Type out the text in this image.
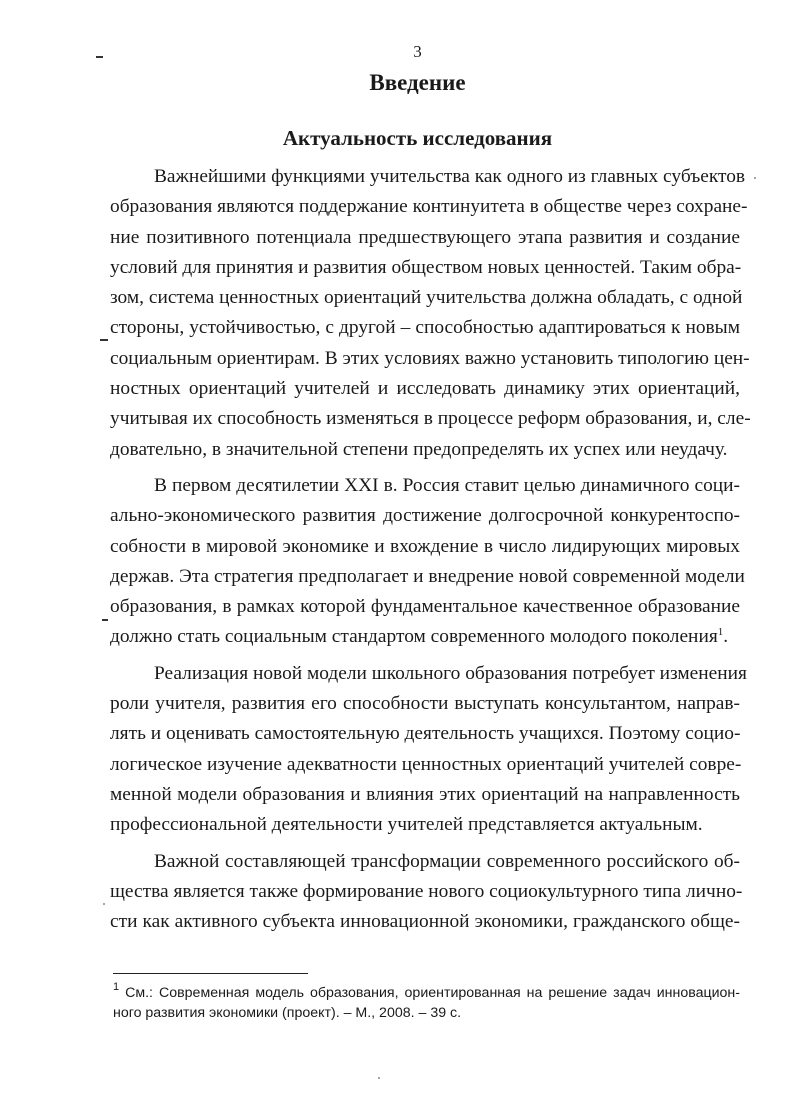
3
Введение
Актуальность исследования
Важнейшими функциями учительства как одного из главных субъектов
образования являются поддержание континуитета в обществе через сохране-
ние позитивного потенциала предшествующего этапа развития и создание
условий для принятия и развития обществом новых ценностей. Таким обра-
зом, система ценностных ориентаций учительства должна обладать, с одной
стороны, устойчивостью, с другой – способностью адаптироваться к новым
социальным ориентирам. В этих условиях важно установить типологию цен-
ностных ориентаций учителей и исследовать динамику этих ориентаций,
учитывая их способность изменяться в процессе реформ образования, и, сле-
довательно, в значительной степени предопределять их успех или неудачу.
В первом десятилетии XXI в. Россия ставит целью динамичного соци-
ально-экономического развития достижение долгосрочной конкурентоспо-
собности в мировой экономике и вхождение в число лидирующих мировых
держав. Эта стратегия предполагает и внедрение новой современной модели
образования, в рамках которой фундаментальное качественное образование
должно стать социальным стандартом современного молодого поколения$^1$.
Реализация новой модели школьного образования потребует изменения
роли учителя, развития его способности выступать консультантом, направ-
лять и оценивать самостоятельную деятельность учащихся. Поэтому социо-
логическое изучение адекватности ценностных ориентаций учителей совре-
менной модели образования и влияния этих ориентаций на направленность
профессиональной деятельности учителей представляется актуальным.
Важной составляющей трансформации современного российского об-
щества является также формирование нового социокультурного типа лично-
сти как активного субъекта инновационной экономики, гражданского обще-
$^1$ См.: Современная модель образования, ориентированная на решение задач инновацион-
ного развития экономики (проект). – М., 2008. – 39 с.
